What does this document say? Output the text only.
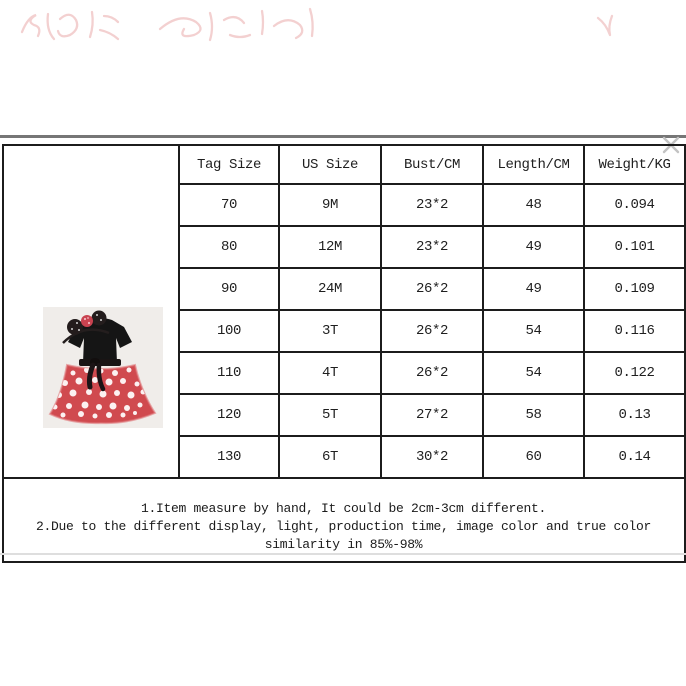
	Tag Size	US Size	Bust/CM	Length/CM	Weight/KG
	70	9M	23*2	48	0.094
	80	12M	23*2	49	0.101
	90	24M	26*2	49	0.109
	100	3T	26*2	54	0.116
	110	4T	26*2	54	0.122
	120	5T	27*2	58	0.13
	130	6T	30*2	60	0.14

1.Item measure by hand, It could be 2cm-3cm different.
2.Due to the different display, light, production time, image color and true color
similarity in 85%-98%					
